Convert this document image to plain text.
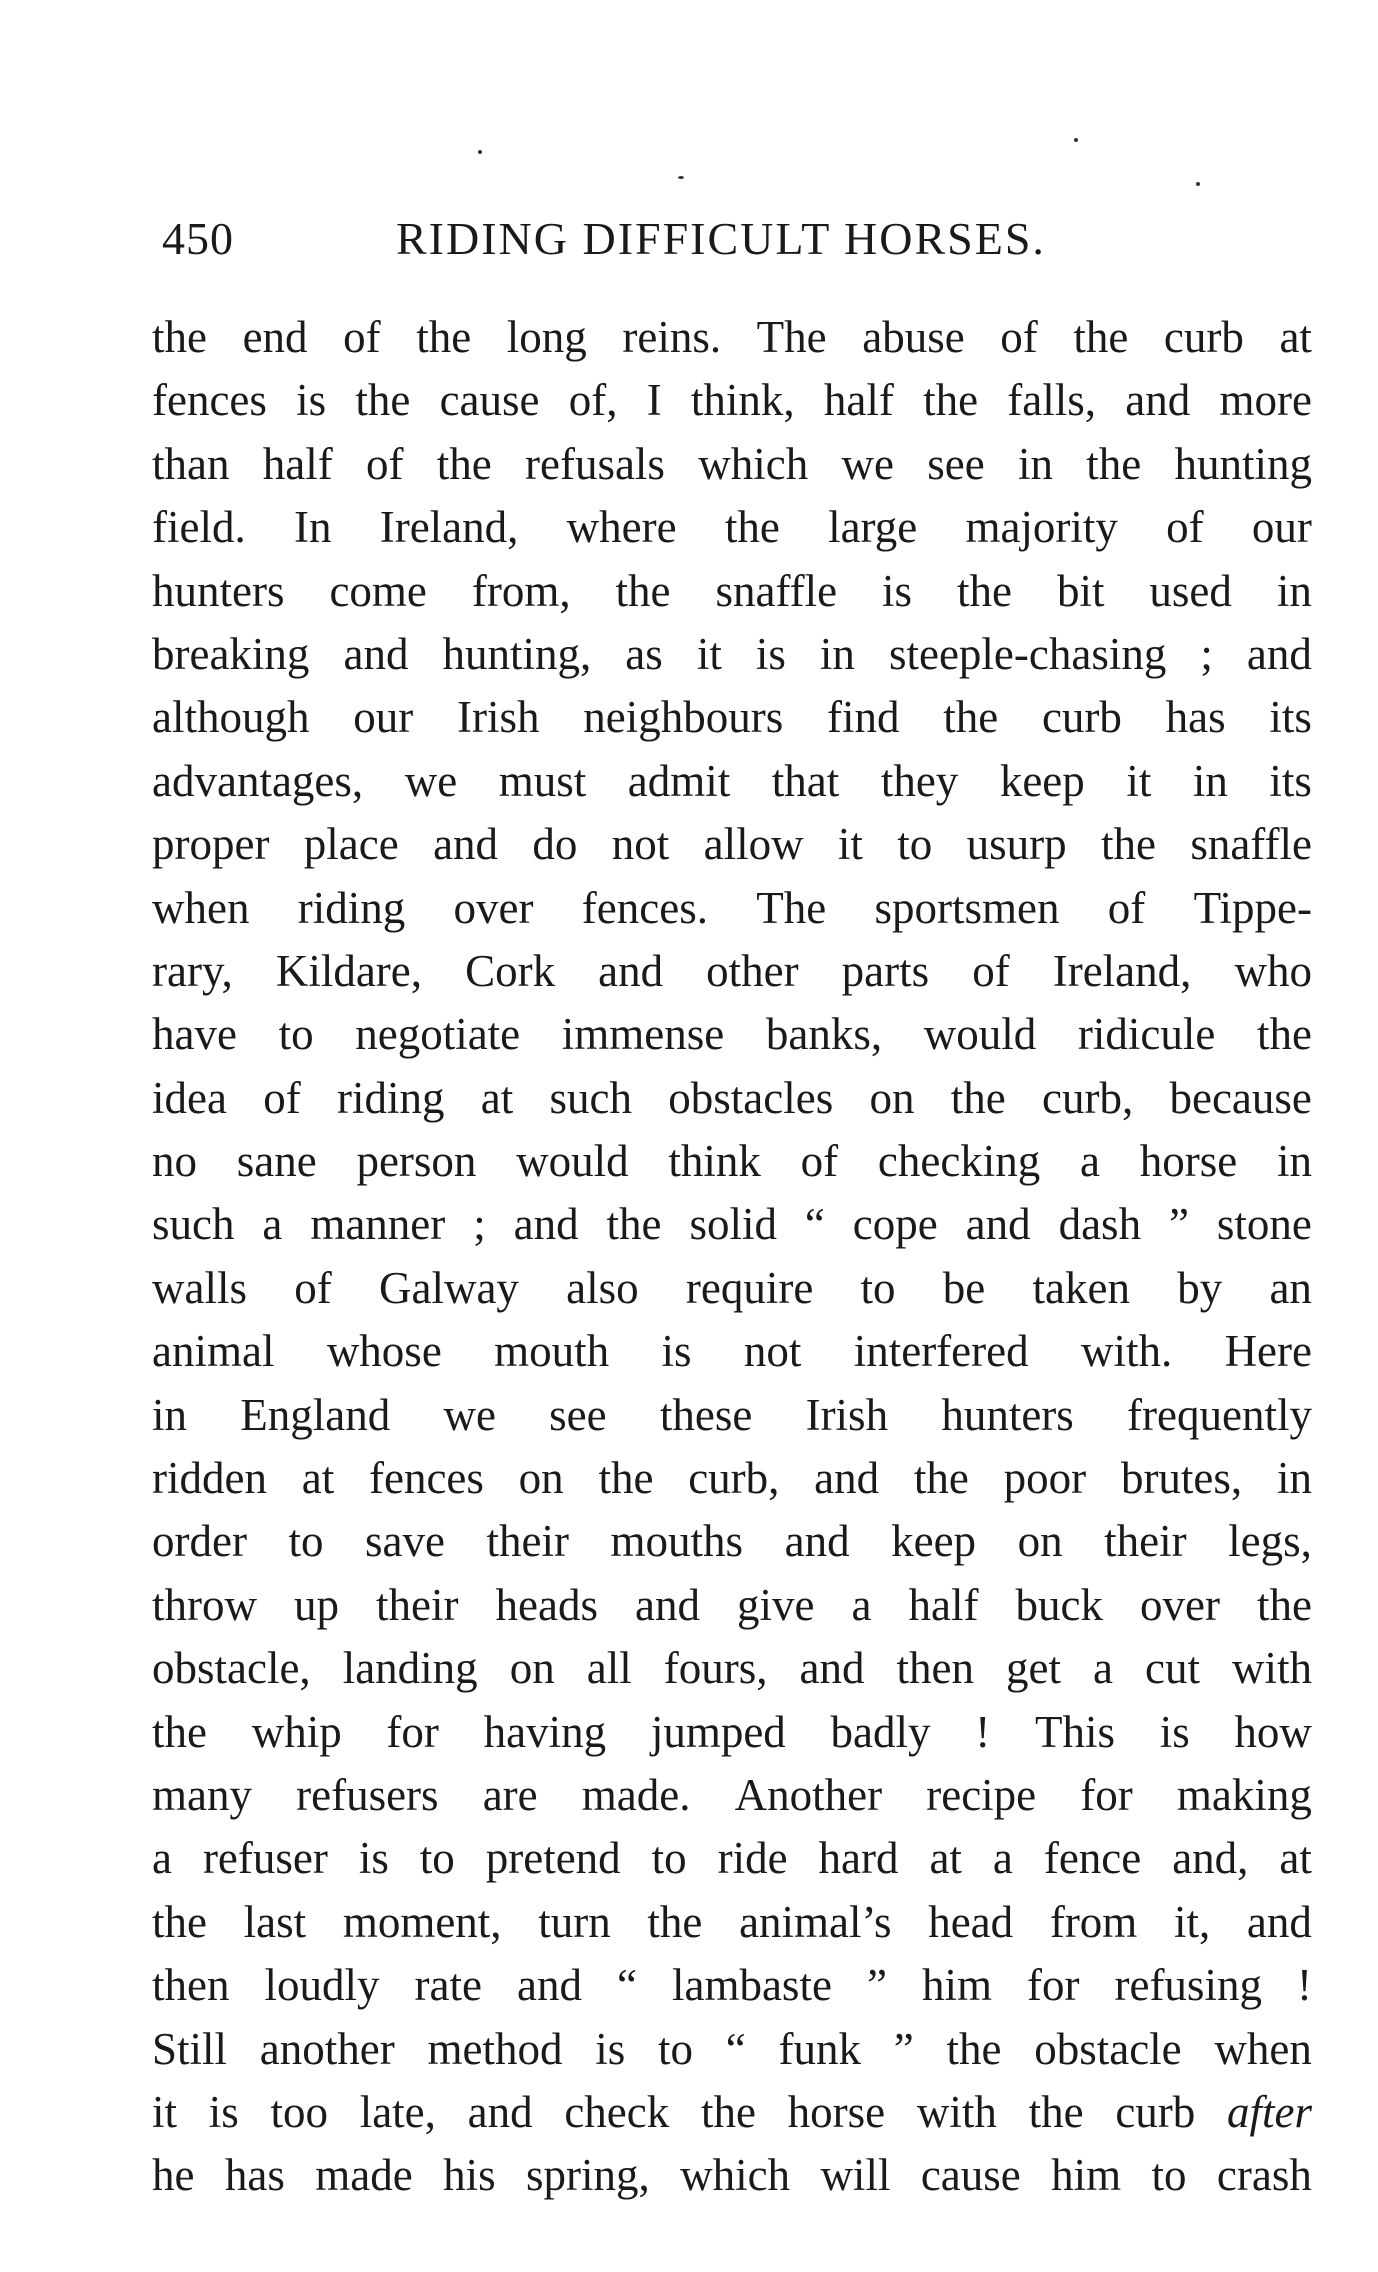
450	RIDING DIFFICULT HORSES.
the end of the long reins. The abuse of the curb at
fences is the cause of, I think, half the falls, and more
than half of the refusals which we see in the hunting
field. In Ireland, where the large majority of our
hunters come from, the snaffle is the bit used in
breaking and hunting, as it is in steeple-chasing ; and
although our Irish neighbours find the curb has its
advantages, we must admit that they keep it in its
proper place and do not allow it to usurp the snaffle
when riding over fences. The sportsmen of Tippe-
rary, Kildare, Cork and other parts of Ireland, who
have to negotiate immense banks, would ridicule the
idea of riding at such obstacles on the curb, because
no sane person would think of checking a horse in
such a manner ; and the solid “ cope and dash ” stone
walls of Galway also require to be taken by an
animal whose mouth is not interfered with. Here
in England we see these Irish hunters frequently
ridden at fences on the curb, and the poor brutes, in
order to save their mouths and keep on their legs,
throw up their heads and give a half buck over the
obstacle, landing on all fours, and then get a cut with
the whip for having jumped badly ! This is how
many refusers are made. Another recipe for making
a refuser is to pretend to ride hard at a fence and, at
the last moment, turn the animal’s head from it, and
then loudly rate and “ lambaste ” him for refusing !
Still another method is to “ funk ” the obstacle when
it is too late, and check the horse with the curb after
he has made his spring, which will cause him to crash
